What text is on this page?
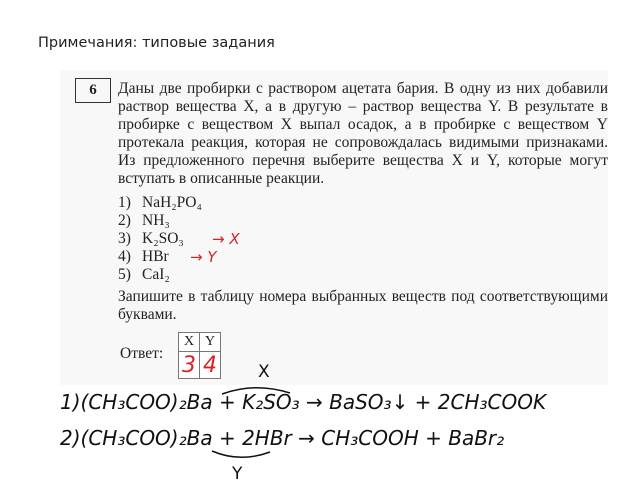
Примечания: типовые задания
6	Даны две пробирки с раствором ацетата бария. В одну из них добавили раствор вещества X, а в другую – раствор вещества Y. В результате в пробирке с веществом X выпал осадок, а в пробирке с веществом Y протекала реакция, которая не сопровождалась видимыми признаками. Из предложенного перечня выберите вещества X и Y, которые могут вступать в описанные реакции.
1) NaH₂PO₄
2) NH₃
3) K₂SO₃
4) HBr
5) CaI₂
→ X
→ Y
Запишите в таблицу номера выбранных веществ под соответствующими буквами.
Ответ:
X	Y
3	4 X
1)(CH₃COO)₂Ba + K₂SO₃ → BaSO₃↓ + 2CH₃COOK
2)(CH₃COO)₂Ba + 2HBr → CH₃COOH + BaBr₂
Y
